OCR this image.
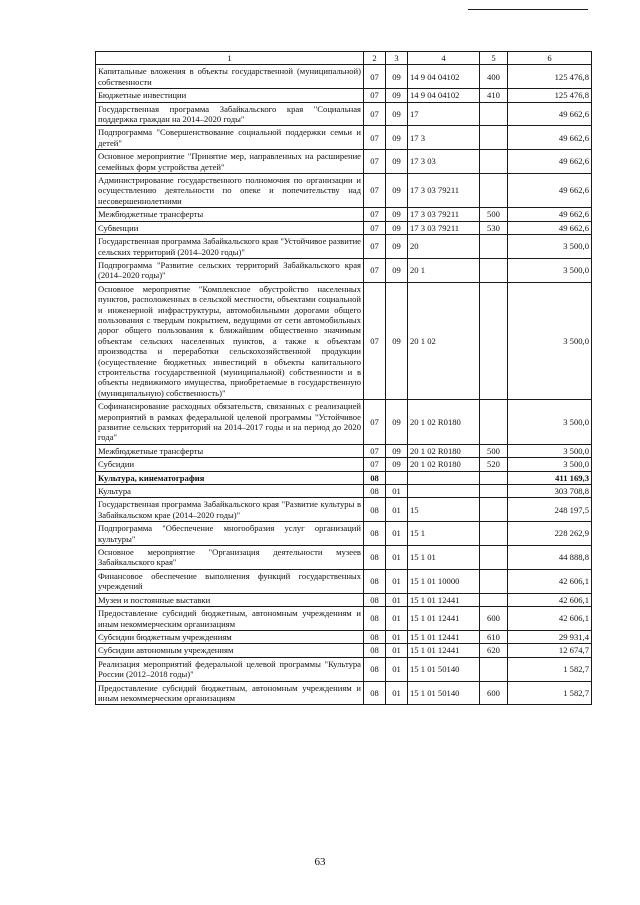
1	2	3	4	5	6
Капитальные вложения в объекты государственной (муниципальной) собственности	07	09	14 9 04 04102	400	125 476,8
Бюджетные инвестиции	07	09	14 9 04 04102	410	125 476,8
Государственная программа Забайкальского края "Социальная поддержка граждан на 2014–2020 годы"	07	09	17		49 662,6
Подпрограмма "Совершенствование социальной поддержки семьи и детей"	07	09	17 3		49 662,6
Основное мероприятие "Принятие мер, направленных на расширение семейных форм устройства детей"	07	09	17 3 03		49 662,6
Администрирование государственного полномочия по организации и осуществлению деятельности по опеке и попечительству над несовершеннолетними	07	09	17 3 03 79211		49 662,6
Межбюджетные трансферты	07	09	17 3 03 79211	500	49 662,6
Субвенции	07	09	17 3 03 79211	530	49 662,6
Государственная программа Забайкальского края "Устойчивое развитие сельских территорий (2014–2020 годы)"	07	09	20		3 500,0
Подпрограмма "Развитие сельских территорий Забайкальского края (2014–2020 годы)"	07	09	20 1		3 500,0
Основное мероприятие "Комплексное обустройство населенных пунктов, расположенных в сельской местности, объектами социальной и инженерной инфраструктуры, автомобильными дорогами общего пользования с твердым покрытием, ведущими от сети автомобильных дорог общего пользования к ближайшим общественно значимым объектам сельских населенных пунктов, а также к объектам производства и переработки сельскохозяйственной продукции (осуществление бюджетных инвестиций в объекты капитального строительства государственной (муниципальной) собственности и в объекты недвижимого имущества, приобретаемые в государственную (муниципальную) собственность)"	07	09	20 1 02		3 500,0
Софинансирование расходных обязательств, связанных с реализацией мероприятий в рамках федеральной целевой программы "Устойчивое развитие сельских территорий на 2014–2017 годы и на период до 2020 года"	07	09	20 1 02 R0180		3 500,0
Межбюджетные трансферты	07	09	20 1 02 R0180	500	3 500,0
Субсидии	07	09	20 1 02 R0180	520	3 500,0
Культура, кинематография	08				411 169,3
Культура	08	01			303 708,8
Государственная программа Забайкальского края "Развитие культуры в Забайкальском крае (2014–2020 годы)"	08	01	15		248 197,5
Подпрограмма "Обеспечение многообразия услуг организаций культуры"	08	01	15 1		228 262,9
Основное мероприятие "Организация деятельности музеев Забайкальского края"	08	01	15 1 01		44 888,8
Финансовое обеспечение выполнения функций государственных учреждений	08	01	15 1 01 10000		42 606,1
Музеи и постоянные выставки	08	01	15 1 01 12441		42 606,1
Предоставление субсидий бюджетным, автономным учреждениям и иным некоммерческим организациям	08	01	15 1 01 12441	600	42 606,1
Субсидии бюджетным учреждениям	08	01	15 1 01 12441	610	29 931,4
Субсидии автономным учреждениям	08	01	15 1 01 12441	620	12 674,7
Реализация мероприятий федеральной целевой программы "Культура России (2012–2018 годы)"	08	01	15 1 01 50140		1 582,7
Предоставление субсидий бюджетным, автономным учреждениям и иным некоммерческим организациям	08	01	15 1 01 50140	600	1 582,7
63
